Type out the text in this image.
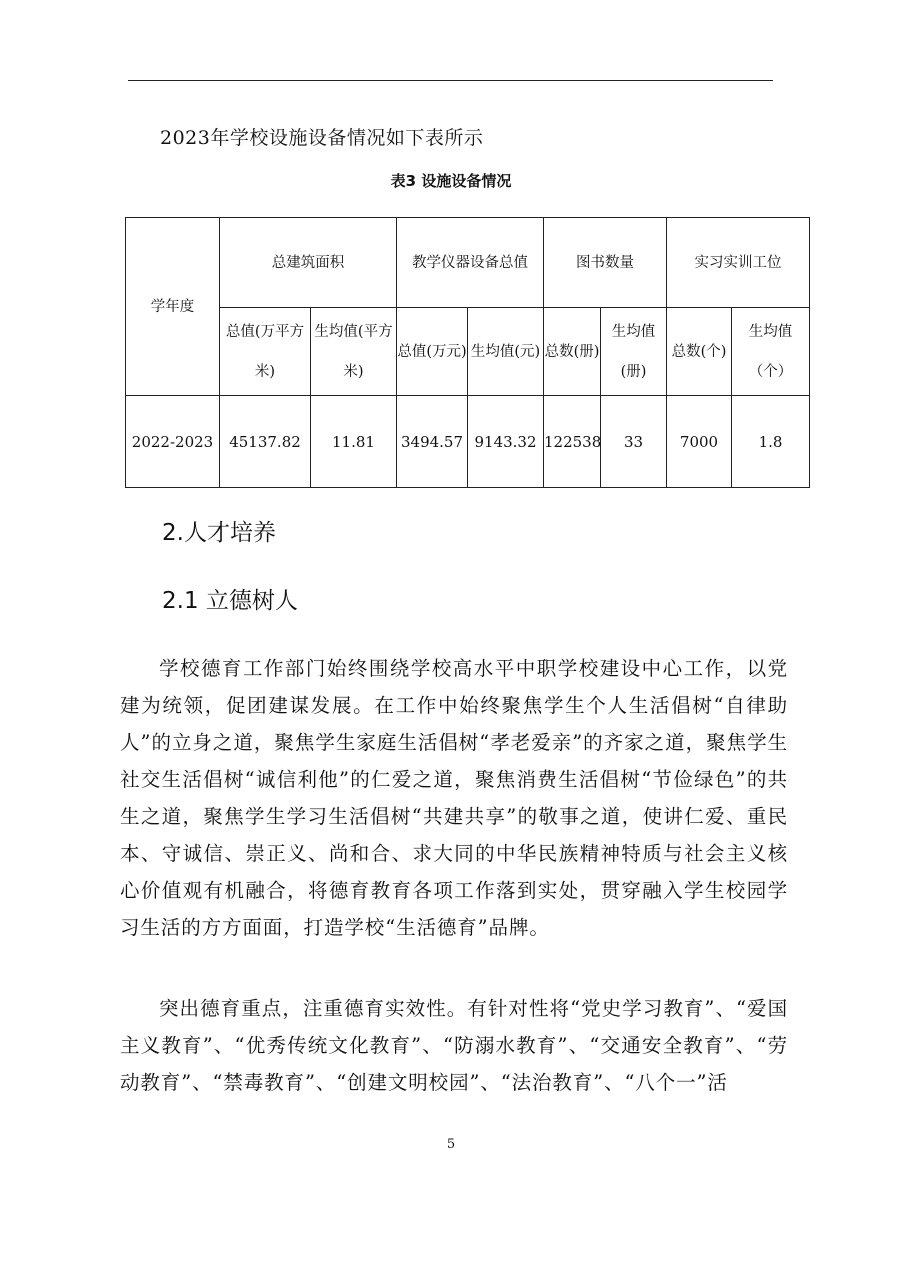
2023年学校设施设备情况如下表所示
表3 设施设备情况
学年度	总建筑面积		教学仪器设备总值		图书数量		实习实训工位	
	总值(万平方米)	生均值(平方米)	总值(万元)	生均值(元)	总数(册)	生均值(册)	总数(个)	生均值（个）
2022-2023	45137.82	11.81	3494.57	9143.32	122538	33	7000	1.8
2.人才培养
2.1 立德树人

学校德育工作部门始终围绕学校高水平中职学校建设中心工作，以党建为统领，促团建谋发展。在工作中始终聚焦学生个人生活倡树“自律助人”的立身之道，聚焦学生家庭生活倡树“孝老爱亲”的齐家之道，聚焦学生社交生活倡树“诚信利他”的仁爱之道，聚焦消费生活倡树“节俭绿色”的共生之道，聚焦学生学习生活倡树“共建共享”的敬事之道，使讲仁爱、重民本、守诚信、崇正义、尚和合、求大同的中华民族精神特质与社会主义核心价值观有机融合，将德育教育各项工作落到实处，贯穿融入学生校园学习生活的方方面面，打造学校“生活德育”品牌。

突出德育重点，注重德育实效性。有针对性将“党史学习教育”、“爱国主义教育”、“优秀传统文化教育”、“防溺水教育”、“交通安全教育”、“劳动教育”、“禁毒教育”、“创建文明校园”、“法治教育”、“八个一”活

5
